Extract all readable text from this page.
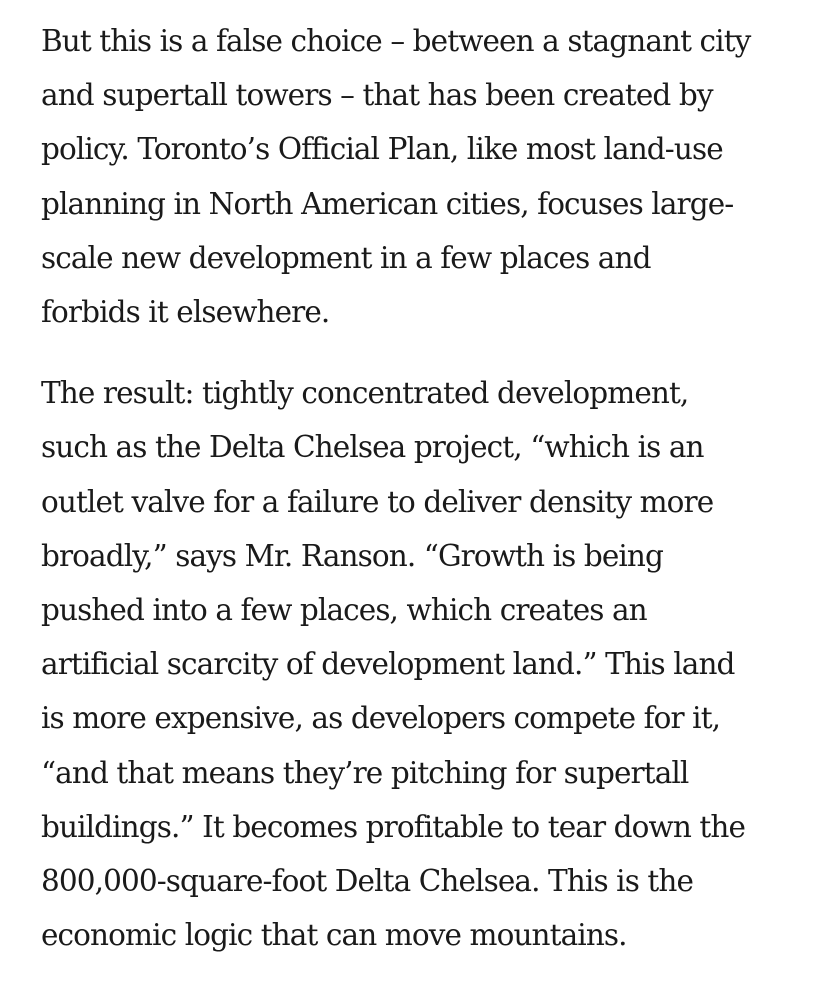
But this is a false choice – between a stagnant city
and supertall towers – that has been created by
policy. Toronto’s Official Plan, like most land-use
planning in North American cities, focuses large-
scale new development in a few places and
forbids it elsewhere.

The result: tightly concentrated development,
such as the Delta Chelsea project, “which is an
outlet valve for a failure to deliver density more
broadly,” says Mr. Ranson. “Growth is being
pushed into a few places, which creates an
artificial scarcity of development land.” This land
is more expensive, as developers compete for it,
“and that means they’re pitching for supertall
buildings.” It becomes profitable to tear down the
800,000-square-foot Delta Chelsea. This is the
economic logic that can move mountains.
